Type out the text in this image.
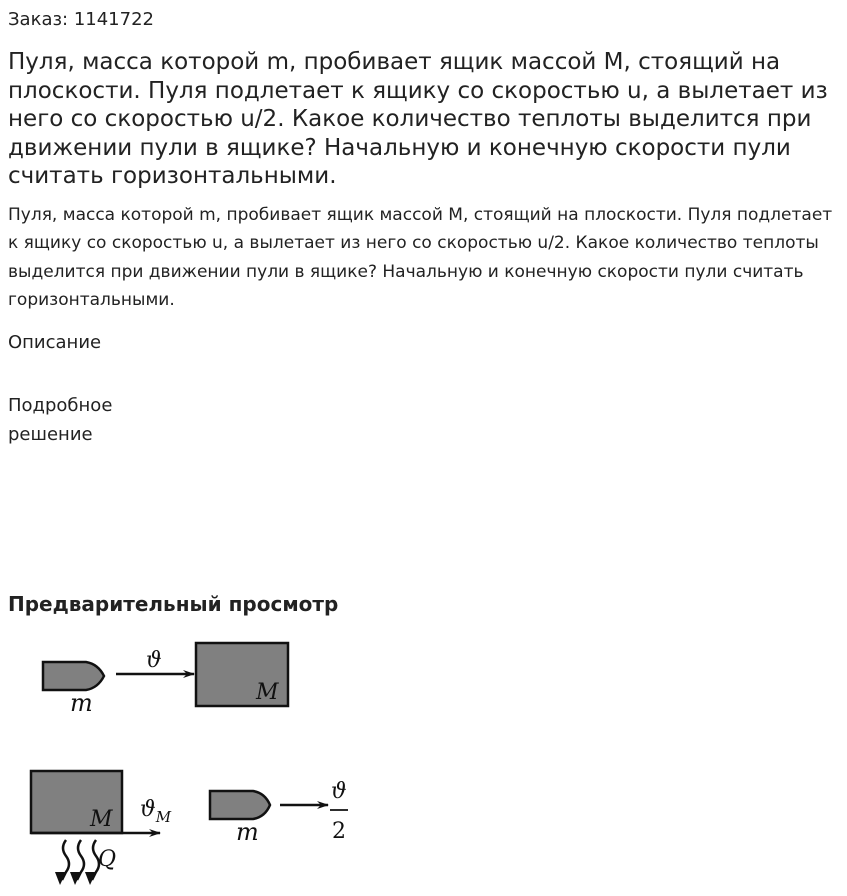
Заказ: 1141722

Пуля, масса которой m, пробивает ящик массой M, стоящий на плоскости. Пуля подлетает к ящику со скоростью u, а вылетает из него со скоростью u/2. Какое количество теплоты выделится при движении пули в ящике? Начальную и конечную скорости пули считать горизонтальными.

Пуля, масса которой m, пробивает ящик массой M, стоящий на плоскости. Пуля подлетает к ящику со скоростью u, а вылетает из него со скоростью u/2. Какое количество теплоты выделится при движении пули в ящике? Начальную и конечную скорости пули считать горизонтальными.

Описание

Подробное решение

Предварительный просмотр
m
ϑ
M
M $ϑ_M$
Q
m
ϑ
2
